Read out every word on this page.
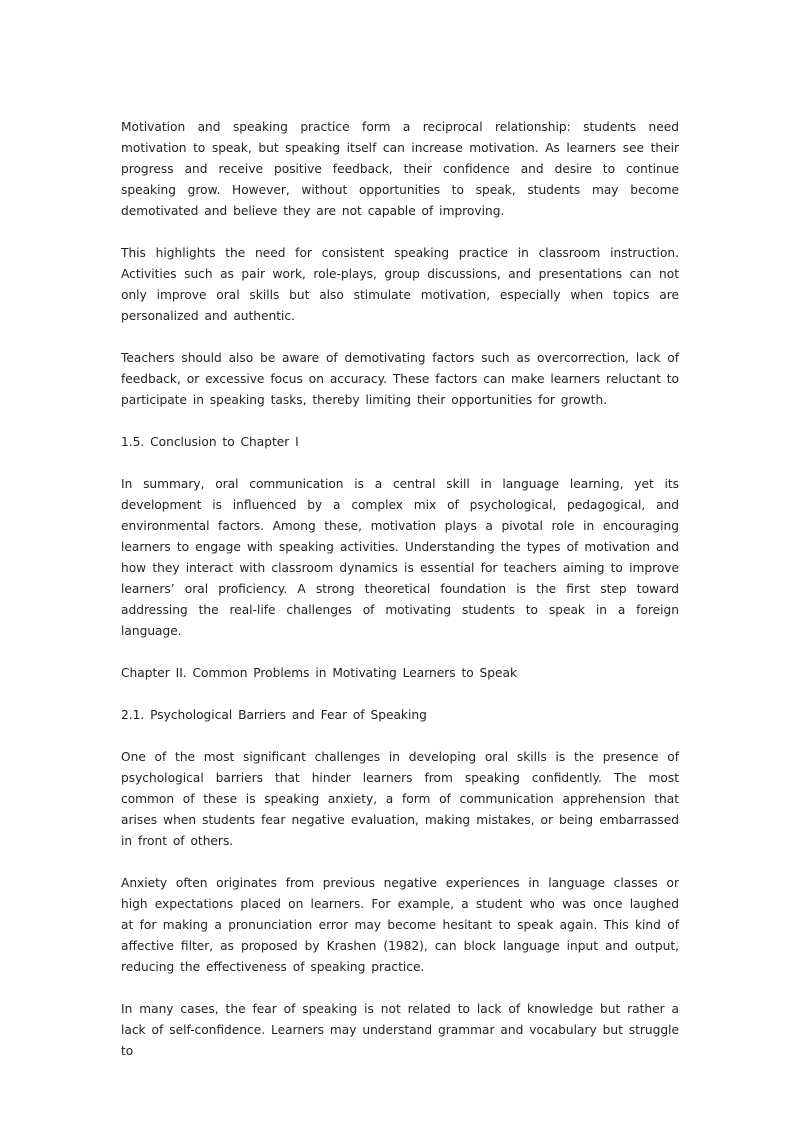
Motivation and speaking practice form a reciprocal relationship: students need motivation to speak, but speaking itself can increase motivation. As learners see their progress and receive positive feedback, their confidence and desire to continue speaking grow. However, without opportunities to speak, students may become demotivated and believe they are not capable of improving.

This highlights the need for consistent speaking practice in classroom instruction. Activities such as pair work, role-plays, group discussions, and presentations can not only improve oral skills but also stimulate motivation, especially when topics are personalized and authentic.

Teachers should also be aware of demotivating factors such as overcorrection, lack of feedback, or excessive focus on accuracy. These factors can make learners reluctant to participate in speaking tasks, thereby limiting their opportunities for growth.

1.5. Conclusion to Chapter I

In summary, oral communication is a central skill in language learning, yet its development is influenced by a complex mix of psychological, pedagogical, and environmental factors. Among these, motivation plays a pivotal role in encouraging learners to engage with speaking activities. Understanding the types of motivation and how they interact with classroom dynamics is essential for teachers aiming to improve learners’ oral proficiency. A strong theoretical foundation is the first step toward addressing the real-life challenges of motivating students to speak in a foreign language.

Chapter II. Common Problems in Motivating Learners to Speak

2.1. Psychological Barriers and Fear of Speaking

One of the most significant challenges in developing oral skills is the presence of psychological barriers that hinder learners from speaking confidently. The most common of these is speaking anxiety, a form of communication apprehension that arises when students fear negative evaluation, making mistakes, or being embarrassed in front of others.

Anxiety often originates from previous negative experiences in language classes or high expectations placed on learners. For example, a student who was once laughed at for making a pronunciation error may become hesitant to speak again. This kind of affective filter, as proposed by Krashen (1982), can block language input and output, reducing the effectiveness of speaking practice.

In many cases, the fear of speaking is not related to lack of knowledge but rather a lack of self-confidence. Learners may understand grammar and vocabulary but struggle to
